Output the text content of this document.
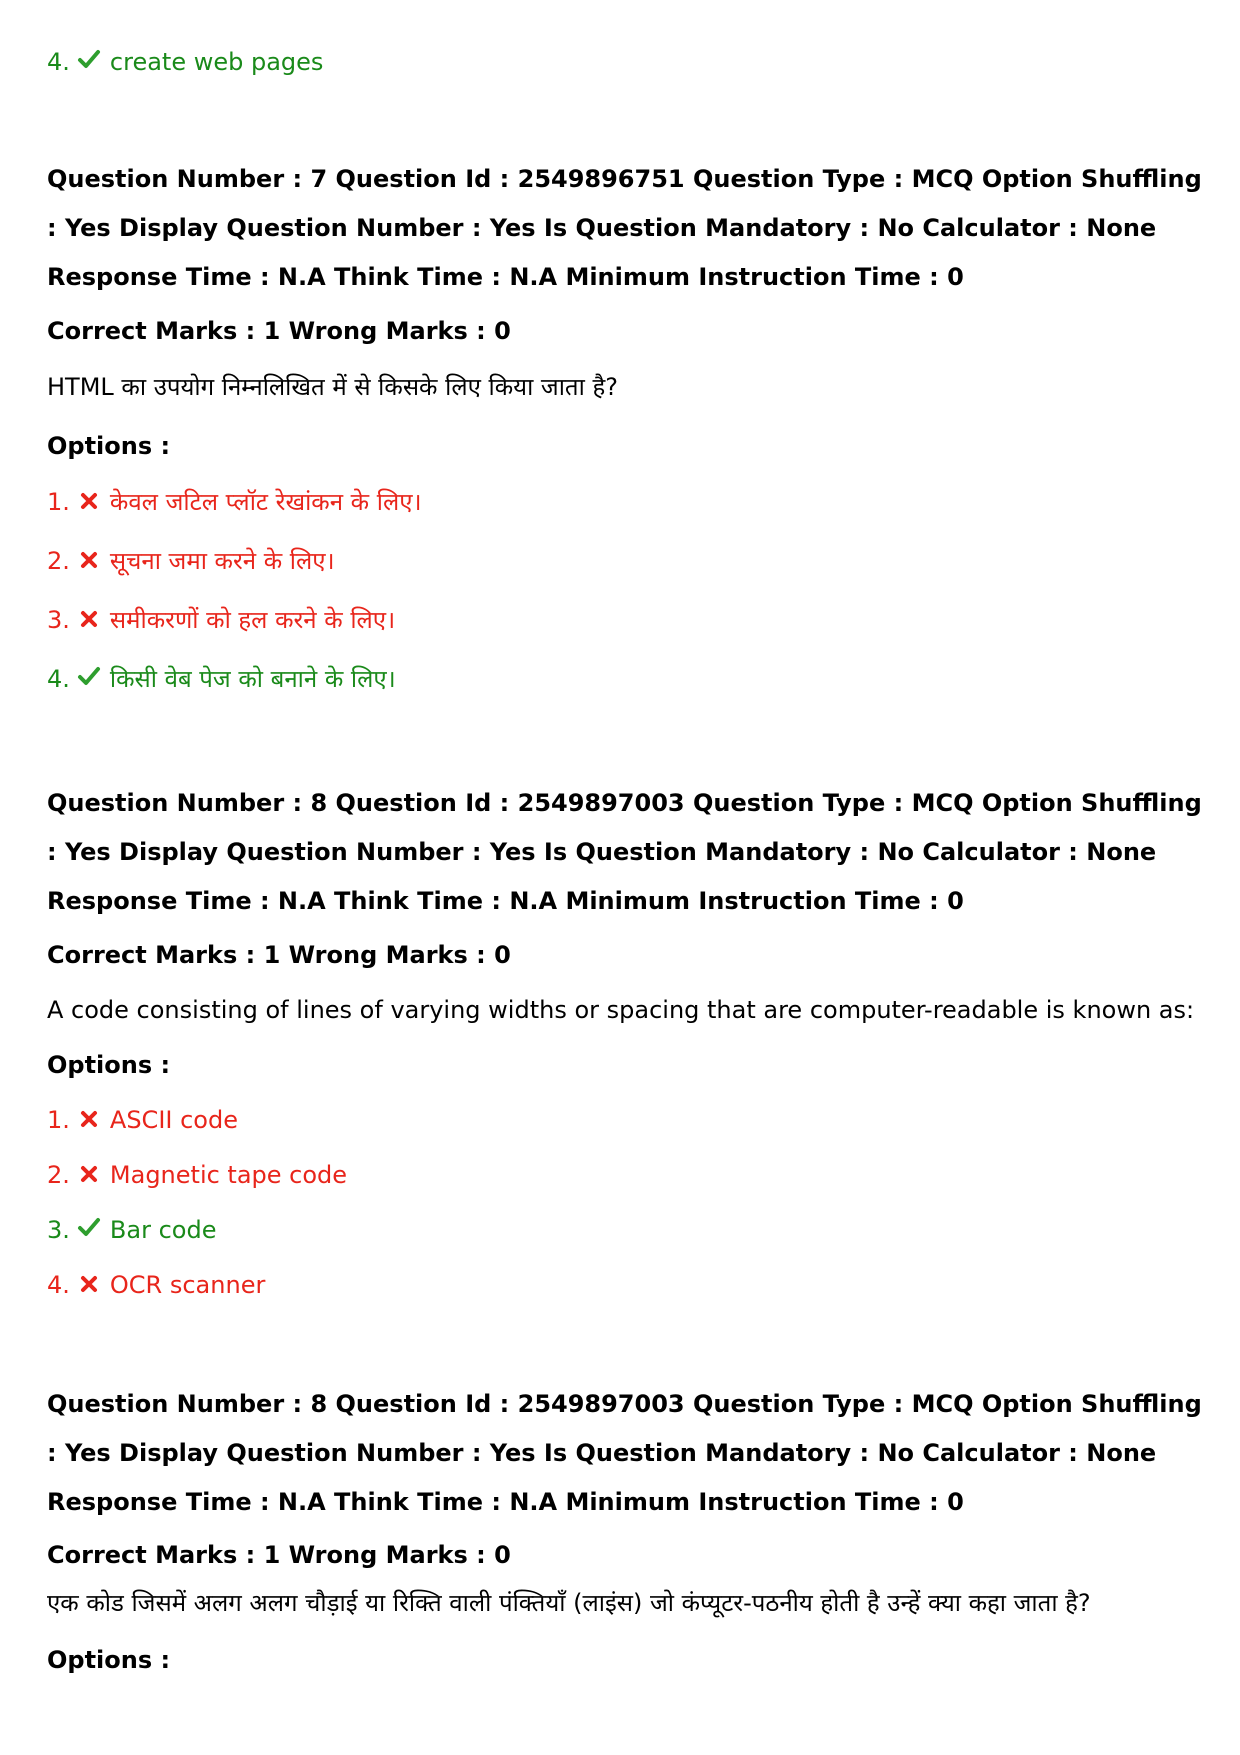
4. create web pages
Question Number : 7 Question Id : 2549896751 Question Type : MCQ Option Shuffling : Yes Display Question Number : Yes Is Question Mandatory : No Calculator : None Response Time : N.A Think Time : N.A Minimum Instruction Time : 0
Correct Marks : 1 Wrong Marks : 0
HTML का उपयोग निम्नलिखित में से किसके लिए किया जाता है?
Options :
1. केवल जटिल प्लॉट रेखांकन के लिए।
2. सूचना जमा करने के लिए।
3. समीकरणों को हल करने के लिए।
4. किसी वेब पेज को बनाने के लिए।
Question Number : 8 Question Id : 2549897003 Question Type : MCQ Option Shuffling : Yes Display Question Number : Yes Is Question Mandatory : No Calculator : None Response Time : N.A Think Time : N.A Minimum Instruction Time : 0
Correct Marks : 1 Wrong Marks : 0
A code consisting of lines of varying widths or spacing that are computer-readable is known as:
Options :
1. ASCII code
2. Magnetic tape code
3. Bar code
4. OCR scanner
Question Number : 8 Question Id : 2549897003 Question Type : MCQ Option Shuffling : Yes Display Question Number : Yes Is Question Mandatory : No Calculator : None Response Time : N.A Think Time : N.A Minimum Instruction Time : 0
Correct Marks : 1 Wrong Marks : 0
एक कोड जिसमें अलग अलग चौड़ाई या रिक्ति वाली पंक्तियाँ (लाइंस) जो कंप्यूटर-पठनीय होती है उन्हें क्या कहा जाता है?
Options :
